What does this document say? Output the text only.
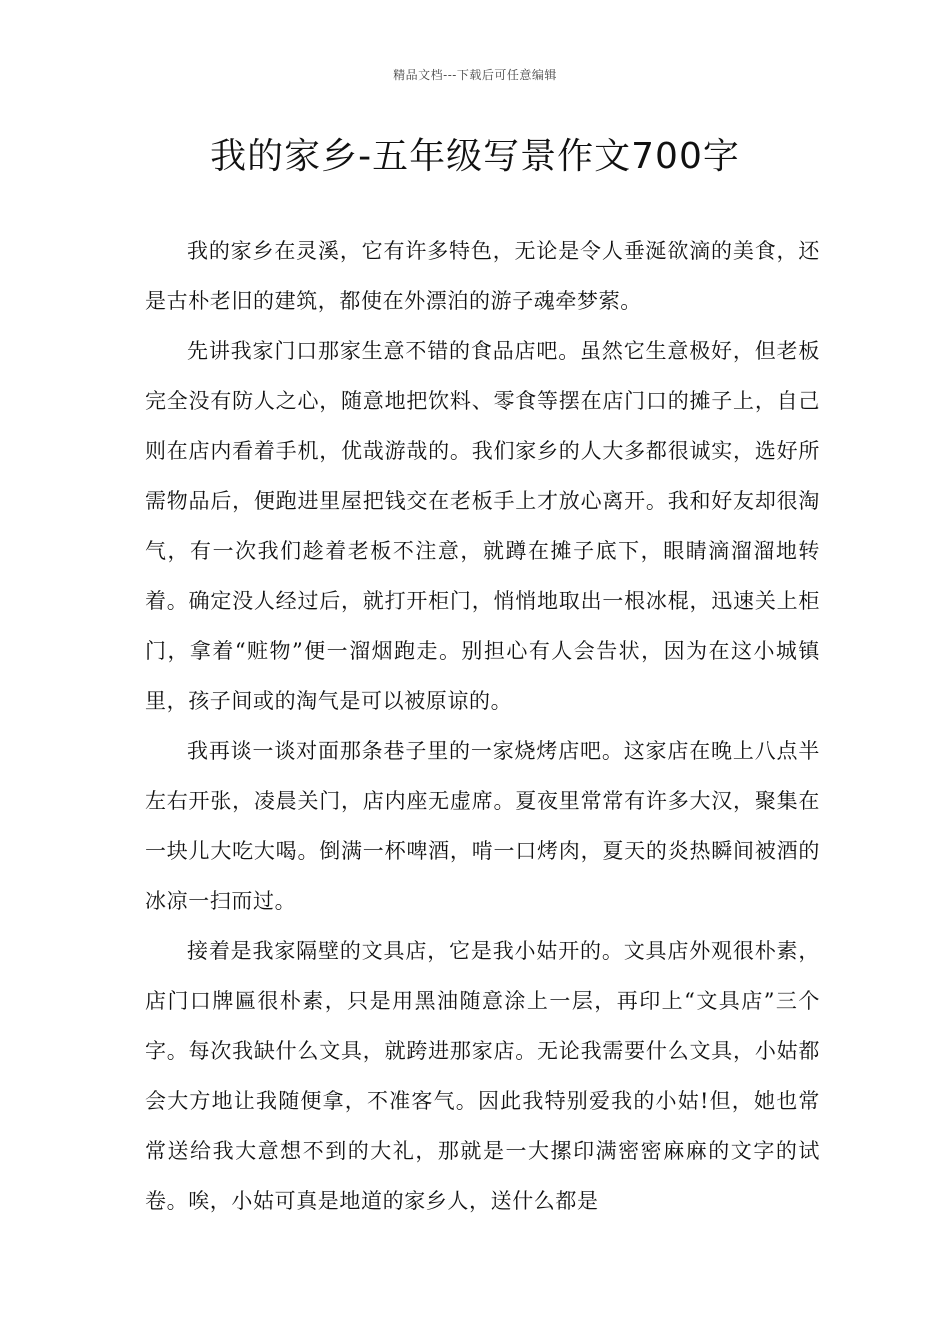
精品文档---下载后可任意编辑
我的家乡-五年级写景作文700字

我的家乡在灵溪，它有许多特色，无论是令人垂涎欲滴的美食，还是古朴老旧的建筑，都使在外漂泊的游子魂牵梦萦。

先讲我家门口那家生意不错的食品店吧。虽然它生意极好，但老板完全没有防人之心，随意地把饮料、零食等摆在店门口的摊子上，自己则在店内看着手机，优哉游哉的。我们家乡的人大多都很诚实，选好所需物品后，便跑进里屋把钱交在老板手上才放心离开。我和好友却很淘气，有一次我们趁着老板不注意，就蹲在摊子底下，眼睛滴溜溜地转着。确定没人经过后，就打开柜门，悄悄地取出一根冰棍，迅速关上柜门，拿着“赃物”便一溜烟跑走。别担心有人会告状，因为在这小城镇里，孩子间或的淘气是可以被原谅的。

我再谈一谈对面那条巷子里的一家烧烤店吧。这家店在晚上八点半左右开张，凌晨关门，店内座无虚席。夏夜里常常有许多大汉，聚集在一块儿大吃大喝。倒满一杯啤酒，啃一口烤肉，夏天的炎热瞬间被酒的冰凉一扫而过。

接着是我家隔壁的文具店，它是我小姑开的。文具店外观很朴素，店门口牌匾很朴素，只是用黑油随意涂上一层，再印上“文具店”三个字。每次我缺什么文具，就跨进那家店。无论我需要什么文具，小姑都会大方地让我随便拿，不准客气。因此我特别爱我的小姑!但，她也常常送给我大意想不到的大礼，那就是一大摞印满密密麻麻的文字的试卷。唉，小姑可真是地道的家乡人，送什么都是
